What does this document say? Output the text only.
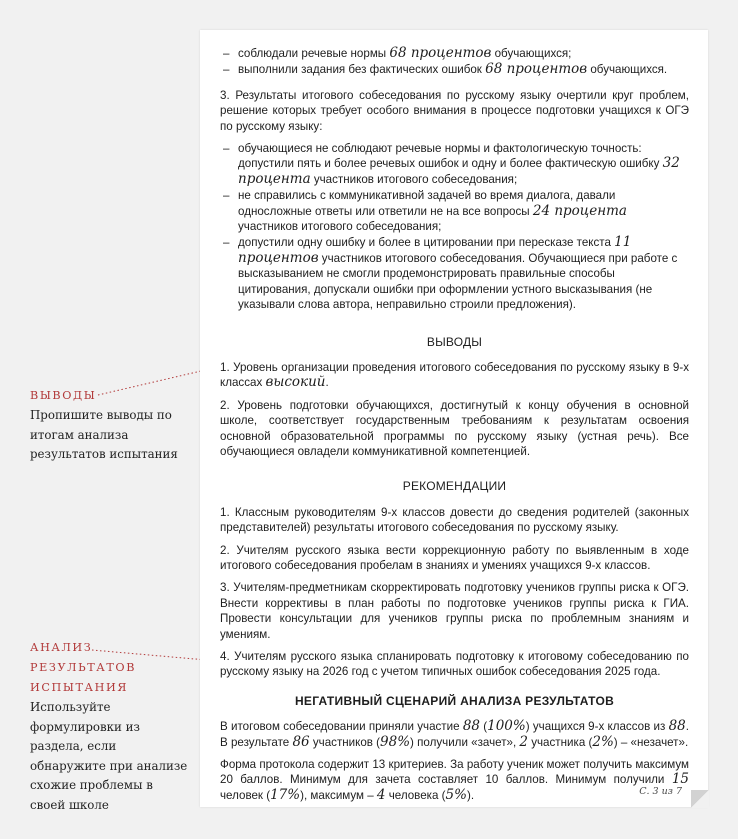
ВЫВОДЫ

Пропишите выводы по итогам анализа результатов испытания

АНАЛИЗ

РЕЗУЛЬТАТОВ

ИСПЫТАНИЯ

Используйте формулировки из раздела, если обнаружите при анализе схожие проблемы в своей школе

– соблюдали речевые нормы 68 процентов обучающихся;
– выполнили задания без фактических ошибок 68 процентов обучающихся.

3. Результаты итогового собеседования по русскому языку очертили круг проблем, решение которых требует особого внимания в процессе подготовки учащихся к ОГЭ по русскому языку:

– обучающиеся не соблюдают речевые нормы и фактологическую точность: допустили пять и более речевых ошибок и одну и более фактическую ошибку 32 процента участников итогового собеседования;
– не справились с коммуникативной задачей во время диалога, давали односложные ответы или ответили не на все вопросы 24 процента участников итогового собеседования;
– допустили одну ошибку и более в цитировании при пересказе текста 11 процентов участников итогового собеседования. Обучающиеся при работе с высказыванием не смогли продемонстрировать правильные способы цитирования, допускали ошибки при оформлении устного высказывания (не указывали слова автора, неправильно строили предложения).
ВЫВОДЫ

1. Уровень организации проведения итогового собеседования по русскому языку в 9-х классах высокий.

2. Уровень подготовки обучающихся, достигнутый к концу обучения в основной школе, соответствует государственным требованиям к результатам освоения основной образовательной программы по русскому языку (устная речь). Все обучающиеся овладели коммуникативной компетенцией.

РЕКОМЕНДАЦИИ

1. Классным руководителям 9-х классов довести до сведения родителей (законных представителей) результаты итогового собеседования по русскому языку.

2. Учителям русского языка вести коррекционную работу по выявленным в ходе итогового собеседования пробелам в знаниях и умениях учащихся 9-х классов.

3. Учителям-предметникам скорректировать подготовку учеников группы риска к ОГЭ. Внести коррективы в план работы по подготовке учеников группы риска к ГИА. Провести консультации для учеников группы риска по проблемным знаниям и умениям.

4. Учителям русского языка спланировать подготовку к итоговому собеседованию по русскому языку на 2026 год с учетом типичных ошибок собеседования 2025 года.

НЕГАТИВНЫЙ СЦЕНАРИЙ АНАЛИЗА РЕЗУЛЬТАТОВ

В итоговом собеседовании приняли участие 88 (100%) учащихся 9-х классов из 88. В результате 86 участников (98%) получили «зачет», 2 участника (2%) – «незачет».

Форма протокола содержит 13 критериев. За работу ученик может получить максимум 20 баллов. Минимум для зачета составляет 10 баллов. Минимум получили 15 человек (17%), максимум – 4 человека (5%).	С. 3 из 7
